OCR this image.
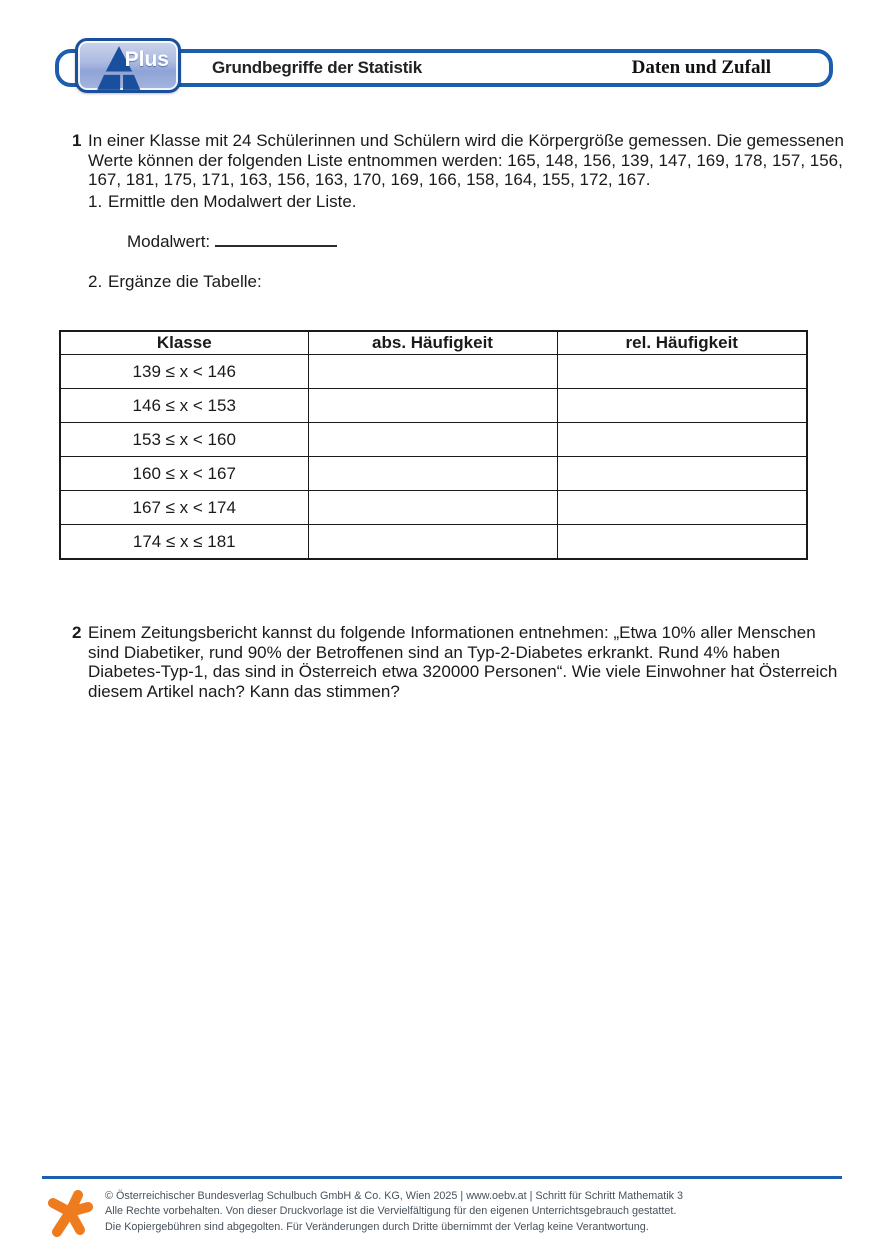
Grundbegriffe der Statistik	Daten und Zufall
Plus
1 In einer Klasse mit 24 Schülerinnen und Schülern wird die Körpergröße gemessen. Die gemessenen Werte können der folgenden Liste entnommen werden: 165, 148, 156, 139, 147, 169, 178, 157, 156, 167, 181, 175, 171, 163, 156, 163, 170, 169, 166, 158, 164, 155, 172, 167.

1. Ermittle den Modalwert der Liste.
Modalwert:
2. Ergänze die Tabelle:
Klasse	abs. Häufigkeit	rel. Häufigkeit
139 ≤ x < 146		
146 ≤ x < 153		
153 ≤ x < 160		
160 ≤ x < 167		
167 ≤ x < 174		
174 ≤ x ≤ 181		
2 Einem Zeitungsbericht kannst du folgende Informationen entnehmen: „Etwa 10% aller Menschen sind Diabetiker, rund 90% der Betroffenen sind an Typ-2-Diabetes erkrankt. Rund 4% haben Diabetes-Typ-1, das sind in Österreich etwa 320000 Personen“. Wie viele Einwohner hat Österreich diesem Artikel nach? Kann das stimmen?

© Österreichischer Bundesverlag Schulbuch GmbH & Co. KG, Wien 2025 | www.oebv.at | Schritt für Schritt Mathematik 3
Alle Rechte vorbehalten. Von dieser Druckvorlage ist die Vervielfältigung für den eigenen Unterrichtsgebrauch gestattet.
Die Kopiergebühren sind abgegolten. Für Veränderungen durch Dritte übernimmt der Verlag keine Verantwortung.
